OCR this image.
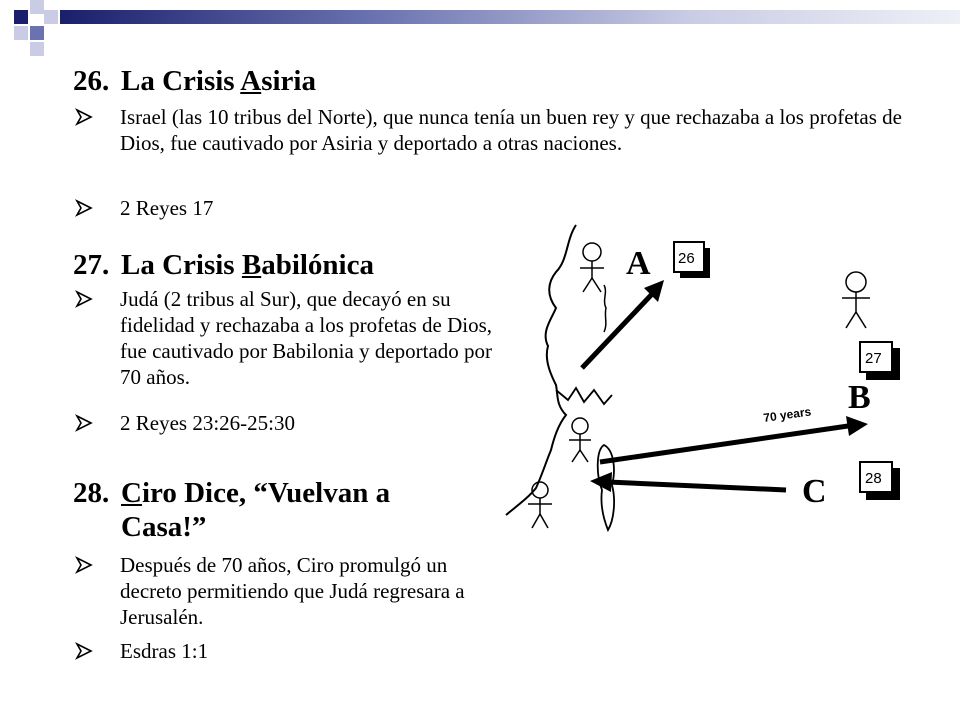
26. La Crisis Asiria
Israel (las 10 tribus del Norte), que nunca tenía un buen rey y que rechazaba a los profetas de Dios, fue cautivado por Asiria y deportado a otras naciones.
2 Reyes 17
27. La Crisis Babilónica
Judá (2 tribus al Sur), que decayó en su fidelidad y rechazaba a los profetas de Dios, fue cautivado por Babilonia y deportado por 70 años.
2 Reyes 23:26-25:30
28. Ciro Dice, “Vuelvan a
Casa!”
Después de 70 años, Ciro promulgó un decreto permitiendo que Judá regresara a Jerusalén.
Esdras 1:1
70 years
A 26
27
B
28
C
